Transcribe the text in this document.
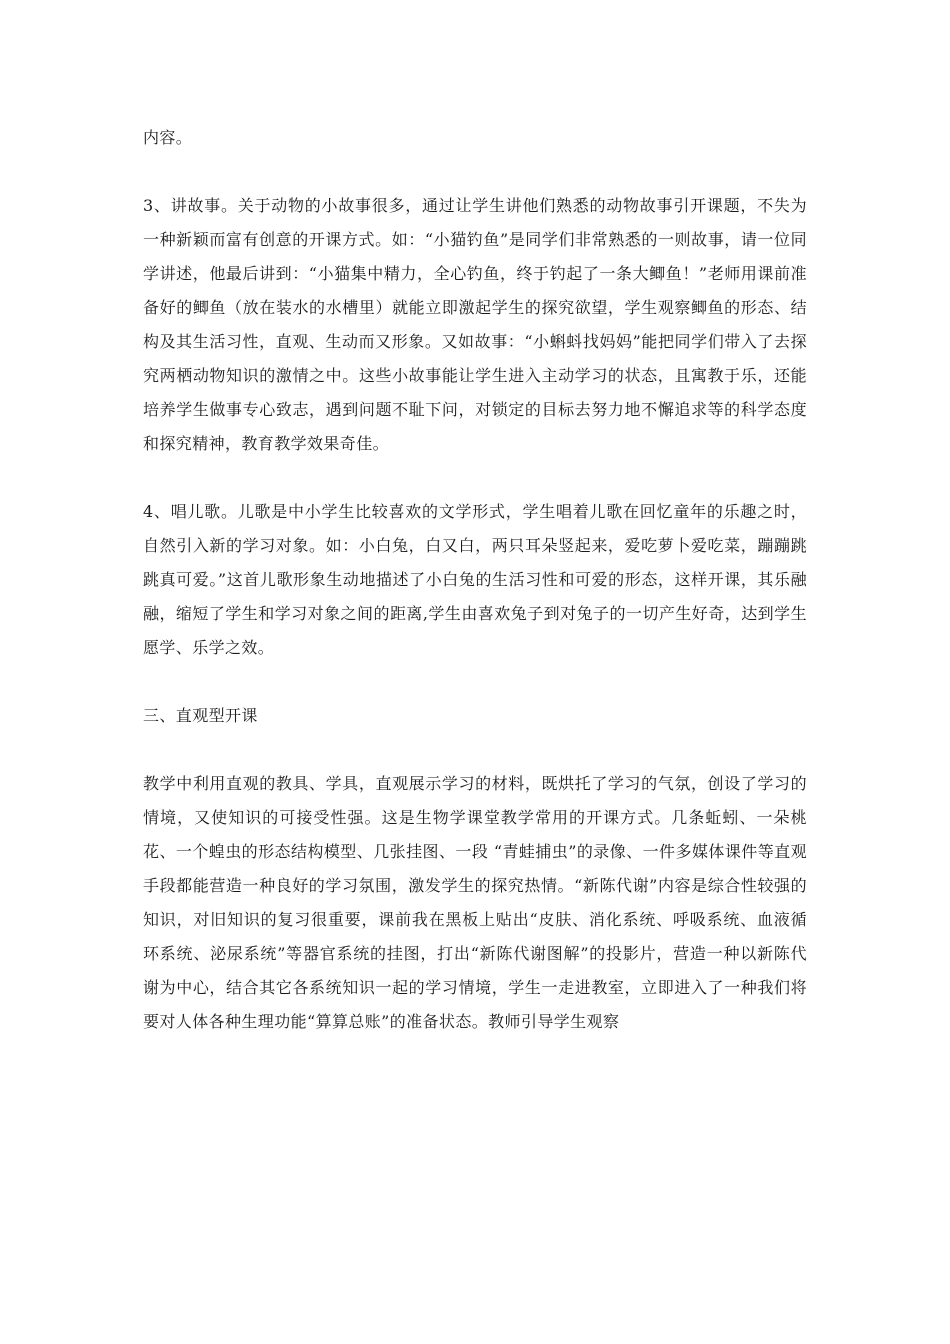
内容。

3、讲故事。关于动物的小故事很多，通过让学生讲他们熟悉的动物故事引开课题，不失为一种新颖而富有创意的开课方式。如：“小猫钓鱼”是同学们非常熟悉的一则故事，请一位同学讲述，他最后讲到：“小猫集中精力，全心钓鱼，终于钓起了一条大鲫鱼！”老师用课前准备好的鲫鱼（放在装水的水槽里）就能立即激起学生的探究欲望，学生观察鲫鱼的形态、结构及其生活习性，直观、生动而又形象。又如故事：“小蝌蚪找妈妈”能把同学们带入了去探究两栖动物知识的激情之中。这些小故事能让学生进入主动学习的状态，且寓教于乐，还能培养学生做事专心致志，遇到问题不耻下问，对锁定的目标去努力地不懈追求等的科学态度和探究精神，教育教学效果奇佳。

4、唱儿歌。儿歌是中小学生比较喜欢的文学形式，学生唱着儿歌在回忆童年的乐趣之时，自然引入新的学习对象。如：小白兔，白又白，两只耳朵竖起来，爱吃萝卜爱吃菜，蹦蹦跳跳真可爱。”这首儿歌形象生动地描述了小白兔的生活习性和可爱的形态，这样开课，其乐融融，缩短了学生和学习对象之间的距离,学生由喜欢兔子到对兔子的一切产生好奇，达到学生愿学、乐学之效。

三、直观型开课

教学中利用直观的教具、学具，直观展示学习的材料，既烘托了学习的气氛，创设了学习的情境，又使知识的可接受性强。这是生物学课堂教学常用的开课方式。几条蚯蚓、一朵桃花、一个蝗虫的形态结构模型、几张挂图、一段 “青蛙捕虫”的录像、一件多媒体课件等直观手段都能营造一种良好的学习氛围，激发学生的探究热情。“新陈代谢”内容是综合性较强的知识，对旧知识的复习很重要，课前我在黑板上贴出“皮肤、消化系统、呼吸系统、血液循环系统、泌尿系统”等器官系统的挂图，打出“新陈代谢图解”的投影片，营造一种以新陈代谢为中心，结合其它各系统知识一起的学习情境，学生一走进教室，立即进入了一种我们将要对人体各种生理功能“算算总账”的准备状态。教师引导学生观察
